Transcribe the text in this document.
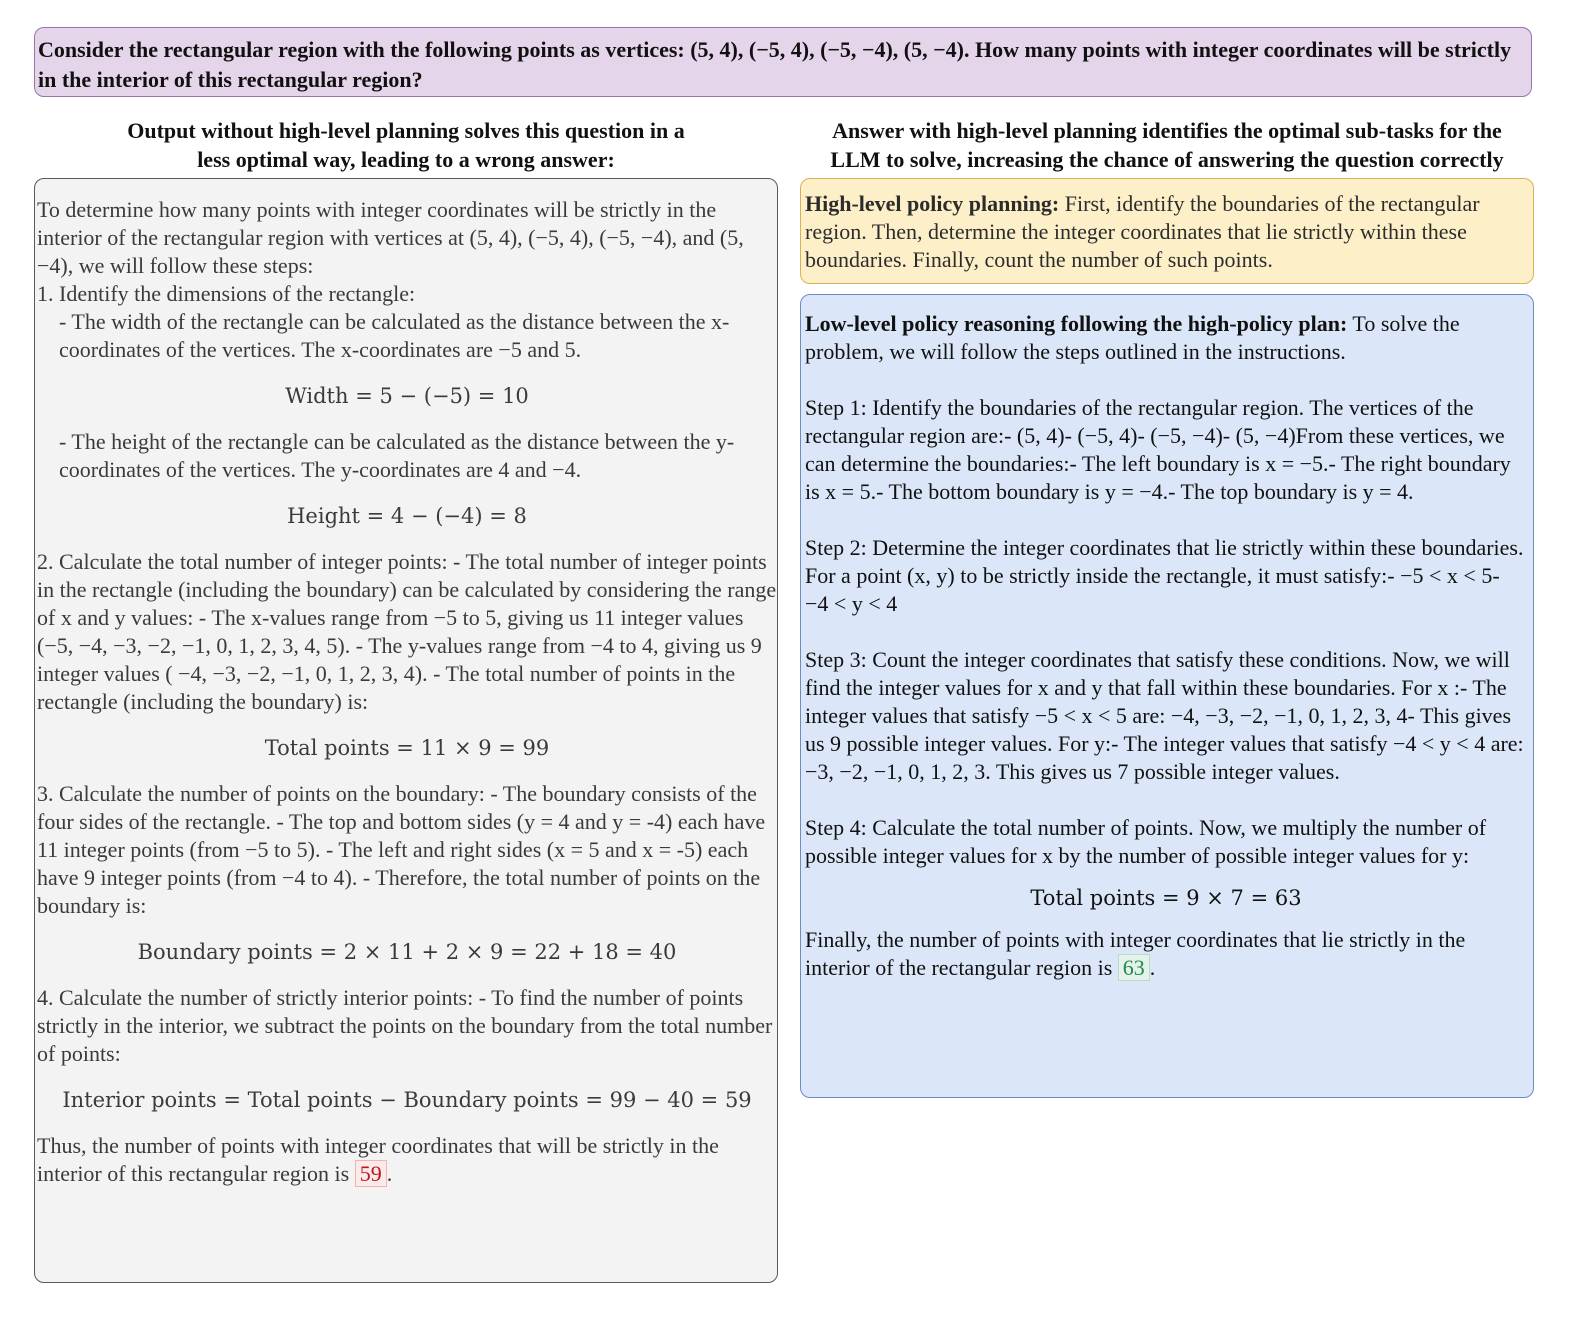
Consider the rectangular region with the following points as vertices: (5, 4), (−5, 4), (−5, −4), (5, −4). How many points with integer coordinates will be strictly in the interior of this rectangular region?
Output without high-level planning solves this question in a
less optimal way, leading to a wrong answer:
Answer with high-level planning identifies the optimal sub-tasks for the
LLM to solve, increasing the chance of answering the question correctly

To determine how many points with integer coordinates will be strictly in the interior of the rectangular region with vertices at (5, 4), (−5, 4), (−5, −4), and (5, −4), we will follow these steps:

1. Identify the dimensions of the rectangle:

- The width of the rectangle can be calculated as the distance between the x-coordinates of the vertices. The x-coordinates are −5 and 5.

Width = 5 − (−5) = 10

- The height of the rectangle can be calculated as the distance between the y-coordinates of the vertices. The y-coordinates are 4 and −4.

Height = 4 − (−4) = 8

2. Calculate the total number of integer points: - The total number of integer points in the rectangle (including the boundary) can be calculated by considering the range of x and y values: - The x-values range from −5 to 5, giving us 11 integer values (−5, −4, −3, −2, −1, 0, 1, 2, 3, 4, 5). - The y-values range from −4 to 4, giving us 9 integer values ( −4, −3, −2, −1, 0, 1, 2, 3, 4). - The total number of points in the rectangle (including the boundary) is:

Total points = 11 × 9 = 99

3. Calculate the number of points on the boundary: - The boundary consists of the four sides of the rectangle. - The top and bottom sides (y = 4 and y = -4) each have 11 integer points (from −5 to 5). - The left and right sides (x = 5 and x = -5) each have 9 integer points (from −4 to 4). - Therefore, the total number of points on the boundary is:

Boundary points = 2 × 11 + 2 × 9 = 22 + 18 = 40

4. Calculate the number of strictly interior points: - To find the number of points strictly in the interior, we subtract the points on the boundary from the total number of points:

Interior points = Total points − Boundary points = 99 − 40 = 59

Thus, the number of points with integer coordinates that will be strictly in the interior of this rectangular region is 59 .

High-level policy planning: First, identify the boundaries of the rectangular region. Then, determine the integer coordinates that lie strictly within these boundaries. Finally, count the number of such points.

Low-level policy reasoning following the high-policy plan: To solve the problem, we will follow the steps outlined in the instructions.

Step 1: Identify the boundaries of the rectangular region. The vertices of the rectangular region are:- (5, 4)- (−5, 4)- (−5, −4)- (5, −4)From these vertices, we can determine the boundaries:- The left boundary is x = −5.- The right boundary is x = 5.- The bottom boundary is y = −4.- The top boundary is y = 4.

Step 2: Determine the integer coordinates that lie strictly within these boundaries. For a point (x, y) to be strictly inside the rectangle, it must satisfy:- −5 < x < 5- −4 < y < 4

Step 3: Count the integer coordinates that satisfy these conditions. Now, we will find the integer values for x and y that fall within these boundaries. For x :- The integer values that satisfy −5 < x < 5 are: −4, −3, −2, −1, 0, 1, 2, 3, 4- This gives us 9 possible integer values. For y:- The integer values that satisfy −4 < y < 4 are: −3, −2, −1, 0, 1, 2, 3. This gives us 7 possible integer values.

Step 4: Calculate the total number of points. Now, we multiply the number of possible integer values for x by the number of possible integer values for y:

Total points = 9 × 7 = 63

Finally, the number of points with integer coordinates that lie strictly in the interior of the rectangular region is 63 .
